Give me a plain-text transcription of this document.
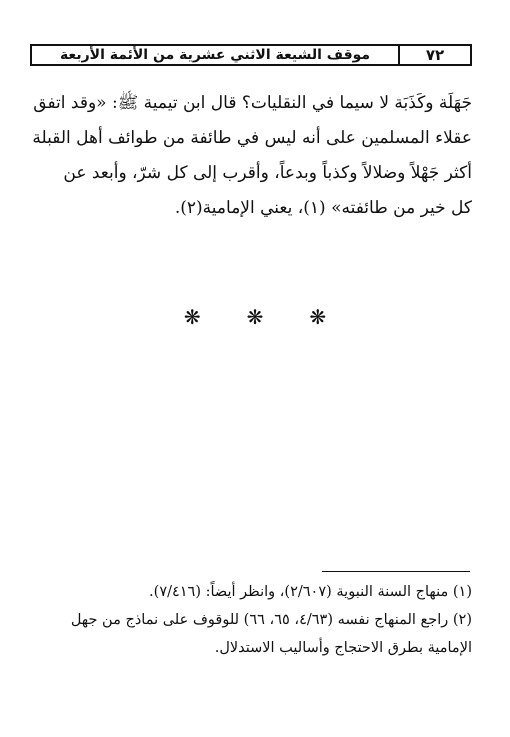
موقف الشيعة الاثني عشرية من الأئمة الأربعة	٧٢
جَهَلَة وكَذَبَة لا سيما في النقليات؟ قال ابن تيمية ﷺ: «وقد اتفق
عقلاء المسلمين على أنه ليس في طائفة من طوائف أهل القبلة
أكثر جَهْلاً وضلالاً وكذباً وبدعاً، وأقرب إلى كل شرّ، وأبعد عن
كل خير من طائفته» (١)، يعني الإمامية(٢).
❋ ❋ ❋
(١) منهاج السنة النبوية (٢/٦٠٧)، وانظر أيضاً: (٧/٤١٦).
(٢) راجع المنهاج نفسه (٤/٦٣، ٦٥، ٦٦) للوقوف على نماذج من جهل
الإمامية بطرق الاحتجاج وأساليب الاستدلال.
